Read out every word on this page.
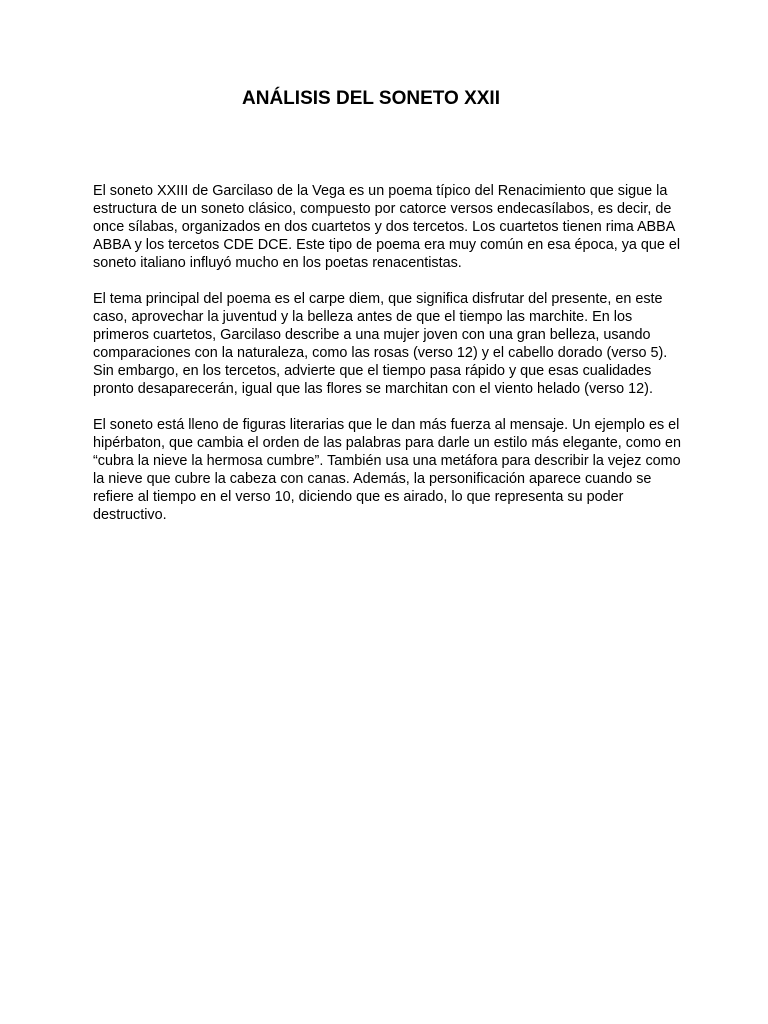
ANÁLISIS DEL SONETO XXII

El soneto XXIII de Garcilaso de la Vega es un poema típico del Renacimiento que sigue la
estructura de un soneto clásico, compuesto por catorce versos endecasílabos, es decir, de
once sílabas, organizados en dos cuartetos y dos tercetos. Los cuartetos tienen rima ABBA
ABBA y los tercetos CDE DCE. Este tipo de poema era muy común en esa época, ya que el
soneto italiano influyó mucho en los poetas renacentistas.

El tema principal del poema es el carpe diem, que significa disfrutar del presente, en este
caso, aprovechar la juventud y la belleza antes de que el tiempo las marchite. En los
primeros cuartetos, Garcilaso describe a una mujer joven con una gran belleza, usando
comparaciones con la naturaleza, como las rosas (verso 12) y el cabello dorado (verso 5).
Sin embargo, en los tercetos, advierte que el tiempo pasa rápido y que esas cualidades
pronto desaparecerán, igual que las flores se marchitan con el viento helado (verso 12).

El soneto está lleno de figuras literarias que le dan más fuerza al mensaje. Un ejemplo es el
hipérbaton, que cambia el orden de las palabras para darle un estilo más elegante, como en
“cubra la nieve la hermosa cumbre”. También usa una metáfora para describir la vejez como
la nieve que cubre la cabeza con canas. Además, la personificación aparece cuando se
refiere al tiempo en el verso 10, diciendo que es airado, lo que representa su poder
destructivo.
